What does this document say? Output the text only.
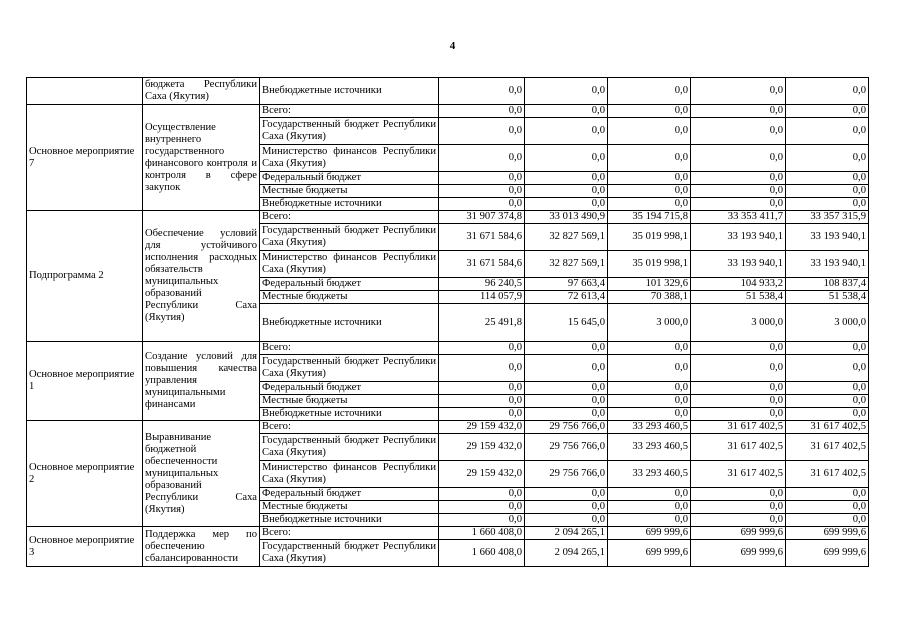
4
	бюджета Республики Саха (Якутия)	Внебюджетные источники	0,0	0,0	0,0	0,0	0,0
Основное мероприятие 7	Осуществление внутреннего государственного финансового контроля и контроля в сфере закупок	Всего:	0,0	0,0	0,0	0,0	0,0
		Государственный бюджет Республики Саха (Якутия)	0,0	0,0	0,0	0,0	0,0
		Министерство финансов Республики Саха (Якутия)	0,0	0,0	0,0	0,0	0,0
		Федеральный бюджет	0,0	0,0	0,0	0,0	0,0
		Местные бюджеты	0,0	0,0	0,0	0,0	0,0
		Внебюджетные источники	0,0	0,0	0,0	0,0	0,0
Подпрограмма 2	Обеспечение условий для устойчивого исполнения расходных обязательств муниципальных образований Республики Саха (Якутия)	Всего:	31 907 374,8	33 013 490,9	35 194 715,8	33 353 411,7	33 357 315,9
		Государственный бюджет Республики Саха (Якутия)	31 671 584,6	32 827 569,1	35 019 998,1	33 193 940,1	33 193 940,1
		Министерство финансов Республики Саха (Якутия)	31 671 584,6	32 827 569,1	35 019 998,1	33 193 940,1	33 193 940,1
		Федеральный бюджет	96 240,5	97 663,4	101 329,6	104 933,2	108 837,4
		Местные бюджеты	114 057,9	72 613,4	70 388,1	51 538,4	51 538,4
		Внебюджетные источники	25 491,8	15 645,0	3 000,0	3 000,0	3 000,0
Основное мероприятие 1	Создание условий для повышения качества управления муниципальными финансами	Всего:	0,0	0,0	0,0	0,0	0,0
		Государственный бюджет Республики Саха (Якутия)	0,0	0,0	0,0	0,0	0,0
		Федеральный бюджет	0,0	0,0	0,0	0,0	0,0
		Местные бюджеты	0,0	0,0	0,0	0,0	0,0
		Внебюджетные источники	0,0	0,0	0,0	0,0	0,0
Основное мероприятие 2	Выравнивание бюджетной обеспеченности муниципальных образований Республики Саха (Якутия)	Всего:	29 159 432,0	29 756 766,0	33 293 460,5	31 617 402,5	31 617 402,5
		Государственный бюджет Республики Саха (Якутия)	29 159 432,0	29 756 766,0	33 293 460,5	31 617 402,5	31 617 402,5
		Министерство финансов Республики Саха (Якутия)	29 159 432,0	29 756 766,0	33 293 460,5	31 617 402,5	31 617 402,5
		Федеральный бюджет	0,0	0,0	0,0	0,0	0,0
		Местные бюджеты	0,0	0,0	0,0	0,0	0,0
		Внебюджетные источники	0,0	0,0	0,0	0,0	0,0
Основное мероприятие 3	Поддержка мер по обеспечению сбалансированности	Всего:	1 660 408,0	2 094 265,1	699 999,6	699 999,6	699 999,6
		Государственный бюджет Республики Саха (Якутия)	1 660 408,0	2 094 265,1	699 999,6	699 999,6	699 999,6
